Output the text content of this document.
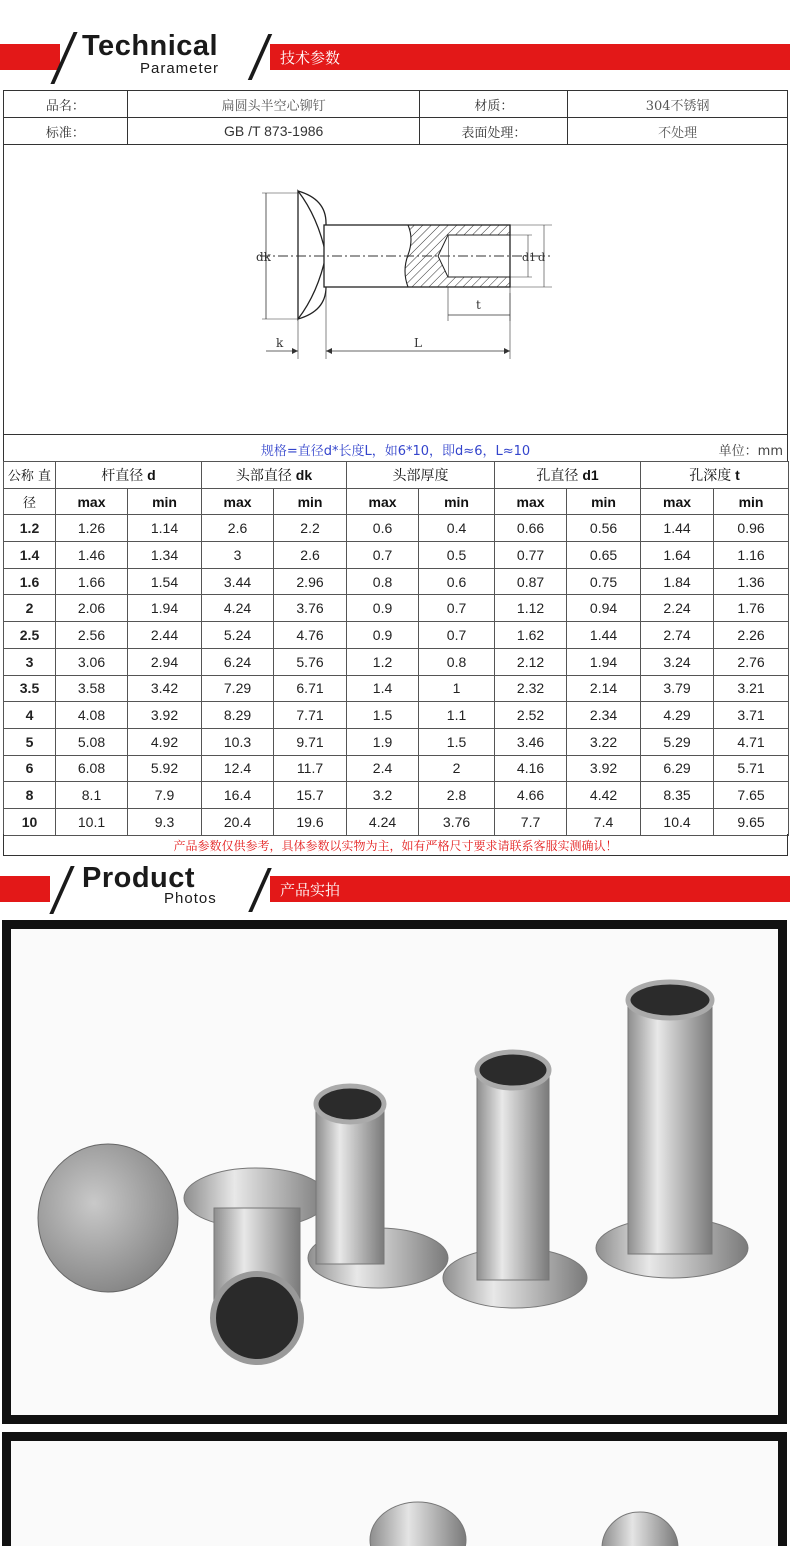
Technical
Parameter
技术参数
品名：	扁圆头半空心铆钉	材质：	304不锈钢
标准：	GB /T 873-1986	表面处理：	不处理
dk	d1 d
t
k	L
规格=直径d*长度L，如6*10，即d≈6，L≈10	单位：mm
公称 直	杆直径 d		头部直径 dk		头部厚度		孔直径 d1		孔深度 t	
径	max	min	max	min	max	min	max	min	max	min
1.2	1.26	1.14	2.6	2.2	0.6	0.4	0.66	0.56	1.44	0.96
1.4	1.46	1.34	3	2.6	0.7	0.5	0.77	0.65	1.64	1.16
1.6	1.66	1.54	3.44	2.96	0.8	0.6	0.87	0.75	1.84	1.36
2	2.06	1.94	4.24	3.76	0.9	0.7	1.12	0.94	2.24	1.76
2.5	2.56	2.44	5.24	4.76	0.9	0.7	1.62	1.44	2.74	2.26
3	3.06	2.94	6.24	5.76	1.2	0.8	2.12	1.94	3.24	2.76
3.5	3.58	3.42	7.29	6.71	1.4	1	2.32	2.14	3.79	3.21
4	4.08	3.92	8.29	7.71	1.5	1.1	2.52	2.34	4.29	3.71
5	5.08	4.92	10.3	9.71	1.9	1.5	3.46	3.22	5.29	4.71
6	6.08	5.92	12.4	11.7	2.4	2	4.16	3.92	6.29	5.71
8	8.1	7.9	16.4	15.7	3.2	2.8	4.66	4.42	8.35	7.65
10	10.1	9.3	20.4	19.6	4.24	3.76	7.7	7.4	10.4	9.65
产品参数仅供参考，具体参数以实物为主，如有严格尺寸要求请联系客服实测确认！
Product
Photos	产品实拍
